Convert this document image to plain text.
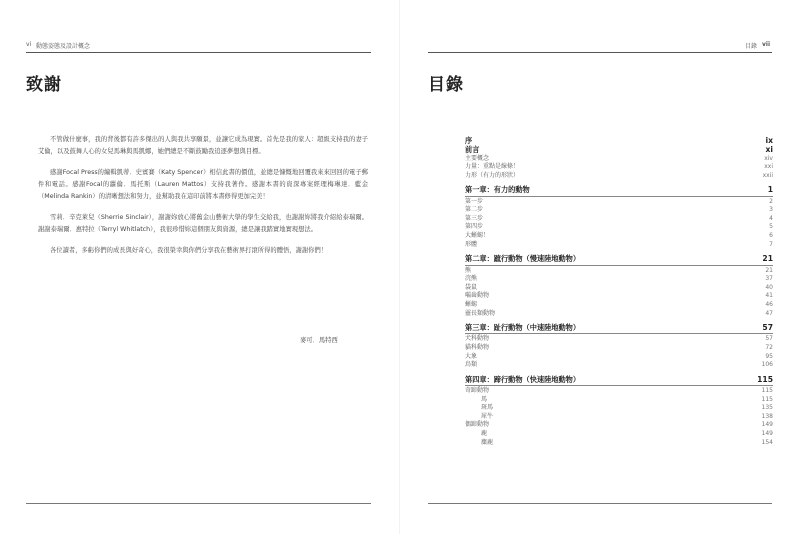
vi 動態姿態及設計概念
致謝

不管做什麼事，我的背後都有許多傑出的人與我共享願景，並讓它成為現實。首先是我的家人：超級支持我的妻子艾倫，以及鼓舞人心的女兒馬琳與馬凱娜，她們總是不斷鼓勵我追逐夢想與目標。

感謝Focal Press的編輯凱蒂．史賓賽（Katy Spencer）相信此書的價值，並總是慷慨地回覆我來來回回的電子郵件和電話。感謝Focal的蘿倫．馬托斯（Lauren Mattos）支持我著作。感謝本書的資深專案經理梅琳達．藍金（Melinda Rankin）的清晰想法和努力，並幫助我在這印前將本書修得更加完美！

雪莉．辛克萊兒（Sherrie Sinclair），謝謝妳放心將舊金山藝術大學的學生交給我，也謝謝妳將我介紹給泰瑞爾。謝謝泰瑞爾．惠特拉（Terryl Whitlatch），我很珍惜妳這個朋友與資源，總是讓我踏實地實現想法。

各位讀者，多虧你們的成長與好奇心，我很榮幸與你們分享我在藝術界打滾所得的體悟，謝謝你們！

麥可．馬特西
目錄 vii
目錄
序	ix
前言	xi
主要概念	xiv
力量：重點是線條！	xxi
力形（有力的形狀）	xxii
第一章：有力的動物	1
第一步	2
第二步	3
第三步	4
第四步	5
大蜥蜴！	6
形體	7
第二章：蹠行動物（慢速陸地動物）	21
熊	21
浣熊	37
袋鼠	40
囓齒動物	41
蜥蜴	46
靈長類動物	47
第三章：趾行動物（中速陸地動物）	57
犬科動物	57
貓科動物	72
大象	95
鳥類	106
第四章：蹄行動物（快速陸地動物）	115
奇蹄動物	115
馬	115
斑馬	135
犀牛	138
偶蹄動物	149
鹿	149
麋鹿	154
